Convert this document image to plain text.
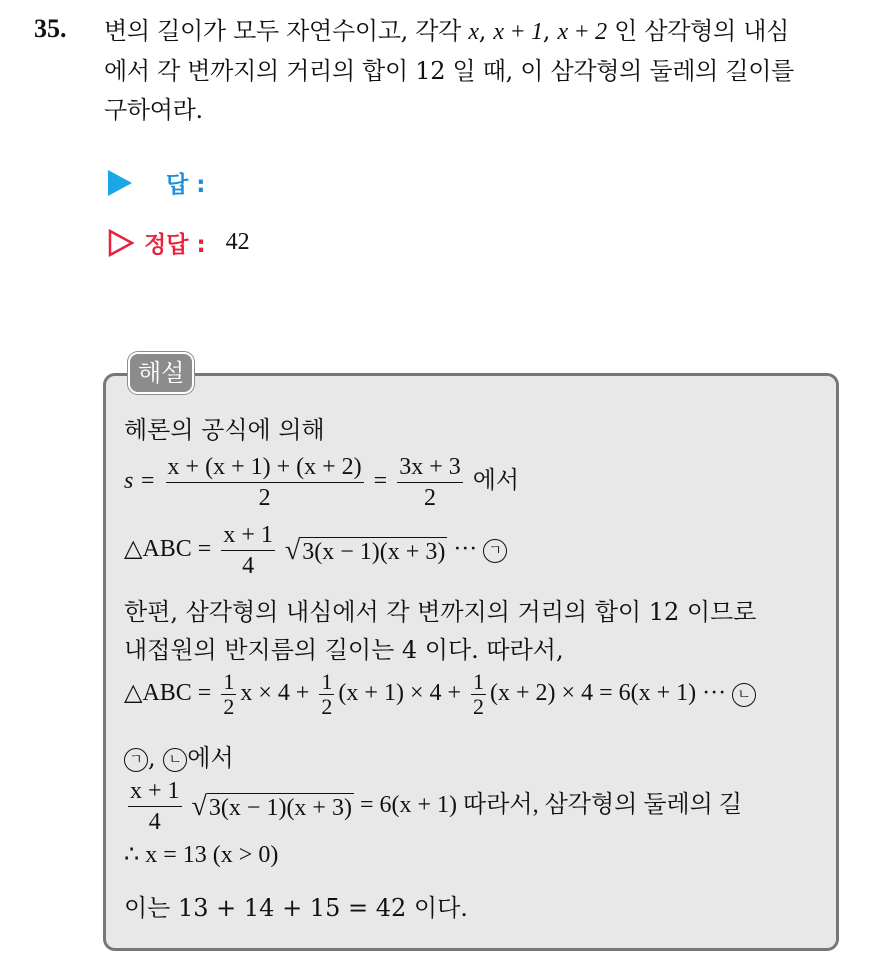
35. 변의 길이가 모두 자연수이고, 각각 x, x + 1, x + 2 인 삼각형의 내심
에서 각 변까지의 거리의 합이 12 일 때, 이 삼각형의 둘레의 길이를
구하여라.
답 :
정답 : 42
해설
헤론의 공식에 의해
$s = \frac{x + (x + 1) + (x + 2)}{2} = \frac{3x + 3}{2}$ 에서
△ABC = $\frac{x + 1}{4}$
√ 3(x − 1)(x + 3) ··· ㄱ
한편, 삼각형의 내심에서 각 변까지의 거리의 합이 12 이므로
내접원의 반지름의 길이는 4 이다. 따라서,
△ABC = $\frac{1}{2}$ $x \times 4 + \frac{1}{2} (x + 1) \times 4 + \frac{1}{2} (x + 2) \times 4 = 6(x + 1)$ ··· ㄴ
ㄱ , ㄴ 에서
$\frac{x + 1}{4}$
√ 3(x − 1)(x + 3) = 6(x + 1) 따라서, 삼각형의 둘레의 길
∴ x = 13 (x > 0)
이는 13 + 14 + 15 = 42 이다.
